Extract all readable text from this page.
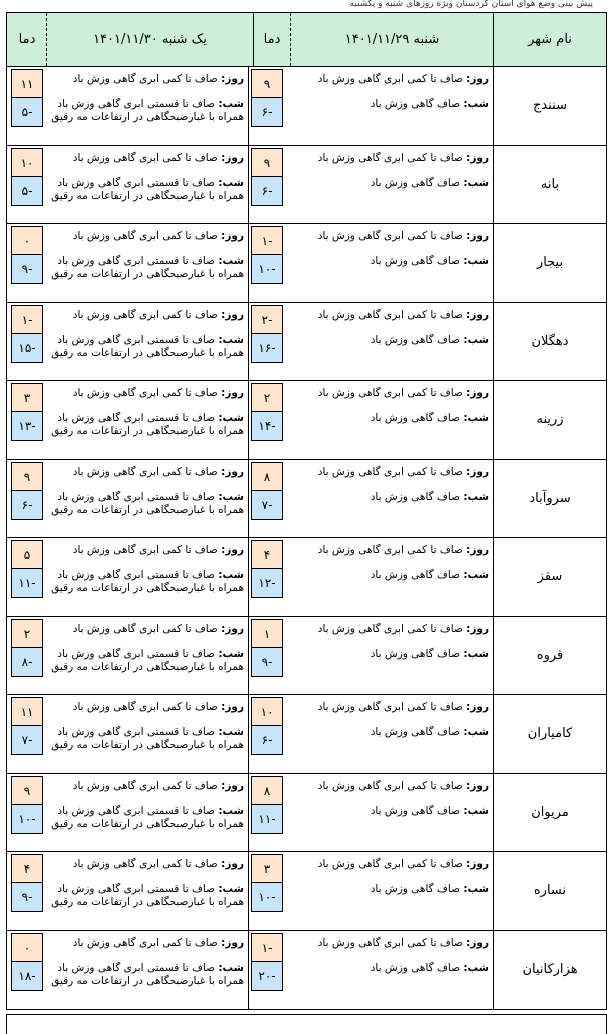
پیش بینی وضع هوای استان کردستان ویژه روزهای شنبه و یکشنبه
نام شهر
شنبه ۱۴۰۱/۱۱/۲۹
دما
یک شنبه ۱۴۰۱/۱۱/۳۰
دما
سنندج
روز: صاف تا کمی ابری گاهی وزش باد
شب: صاف گاهی وزش باد
۹
-۶
روز: صاف تا کمی ابری گاهی وزش باد
شب: صاف تا قسمتی ابری گاهی وزش باد همراه با غبارصبحگاهی در ارتفاعات مه رقیق
۱۱
-۵
بانه
روز: صاف تا کمی ابری گاهی وزش باد
شب: صاف گاهی وزش باد
۹
-۶
روز: صاف تا کمی ابری گاهی وزش باد
شب: صاف تا قسمتی ابری گاهی وزش باد همراه با غبارصبحگاهی در ارتفاعات مه رقیق
۱۰
-۵
بیجار
روز: صاف تا کمی ابری گاهی وزش باد
شب: صاف گاهی وزش باد
-۱
-۱۰
روز: صاف تا کمی ابری گاهی وزش باد
شب: صاف تا قسمتی ابری گاهی وزش باد همراه با غبارصبحگاهی در ارتفاعات مه رقیق
۰
-۹
دهگلان
روز: صاف تا کمی ابری گاهی وزش باد
شب: صاف گاهی وزش باد
-۲
-۱۶
روز: صاف تا کمی ابری گاهی وزش باد
شب: صاف تا قسمتی ابری گاهی وزش باد همراه با غبارصبحگاهی در ارتفاعات مه رقیق
-۱
-۱۵
زرینه
روز: صاف تا کمی ابری گاهی وزش باد
شب: صاف گاهی وزش باد
۲
-۱۴
روز: صاف تا کمی ابری گاهی وزش باد
شب: صاف تا قسمتی ابری گاهی وزش باد همراه با غبارصبحگاهی در ارتفاعات مه رقیق
۳
-۱۳
سروآباد
روز: صاف تا کمی ابری گاهی وزش باد
شب: صاف گاهی وزش باد
۸
-۷
روز: صاف تا کمی ابری گاهی وزش باد
شب: صاف تا قسمتی ابری گاهی وزش باد همراه با غبارصبحگاهی در ارتفاعات مه رقیق
۹
-۶
سقز
روز: صاف تا کمی ابری گاهی وزش باد
شب: صاف گاهی وزش باد
۴
-۱۲
روز: صاف تا کمی ابری گاهی وزش باد
شب: صاف تا قسمتی ابری گاهی وزش باد همراه با غبارصبحگاهی در ارتفاعات مه رقیق
۵
-۱۱
قروه
روز: صاف تا کمی ابری گاهی وزش باد
شب: صاف گاهی وزش باد
۱
-۹
روز: صاف تا کمی ابری گاهی وزش باد
شب: صاف تا قسمتی ابری گاهی وزش باد همراه با غبارصبحگاهی در ارتفاعات مه رقیق
۲
-۸
کامیاران
روز: صاف تا کمی ابری گاهی وزش باد
شب: صاف گاهی وزش باد
۱۰
-۶
روز: صاف تا کمی ابری گاهی وزش باد
شب: صاف تا قسمتی ابری گاهی وزش باد همراه با غبارصبحگاهی در ارتفاعات مه رقیق
۱۱
-۷
مریوان
روز: صاف تا کمی ابری گاهی وزش باد
شب: صاف گاهی وزش باد
۸
-۱۱
روز: صاف تا کمی ابری گاهی وزش باد
شب: صاف تا قسمتی ابری گاهی وزش باد همراه با غبارصبحگاهی در ارتفاعات مه رقیق
۹
-۱۰
نساره
روز: صاف تا کمی ابری گاهی وزش باد
شب: صاف گاهی وزش باد
۳
-۱۰
روز: صاف تا کمی ابری گاهی وزش باد
شب: صاف تا قسمتی ابری گاهی وزش باد همراه با غبارصبحگاهی در ارتفاعات مه رقیق
۴
-۹
هزارکانیان
روز: صاف تا کمی ابری گاهی وزش باد
شب: صاف گاهی وزش باد
-۱
-۲۰
روز: صاف تا کمی ابری گاهی وزش باد
شب: صاف تا قسمتی ابری گاهی وزش باد همراه با غبارصبحگاهی در ارتفاعات مه رقیق
۰
-۱۸
